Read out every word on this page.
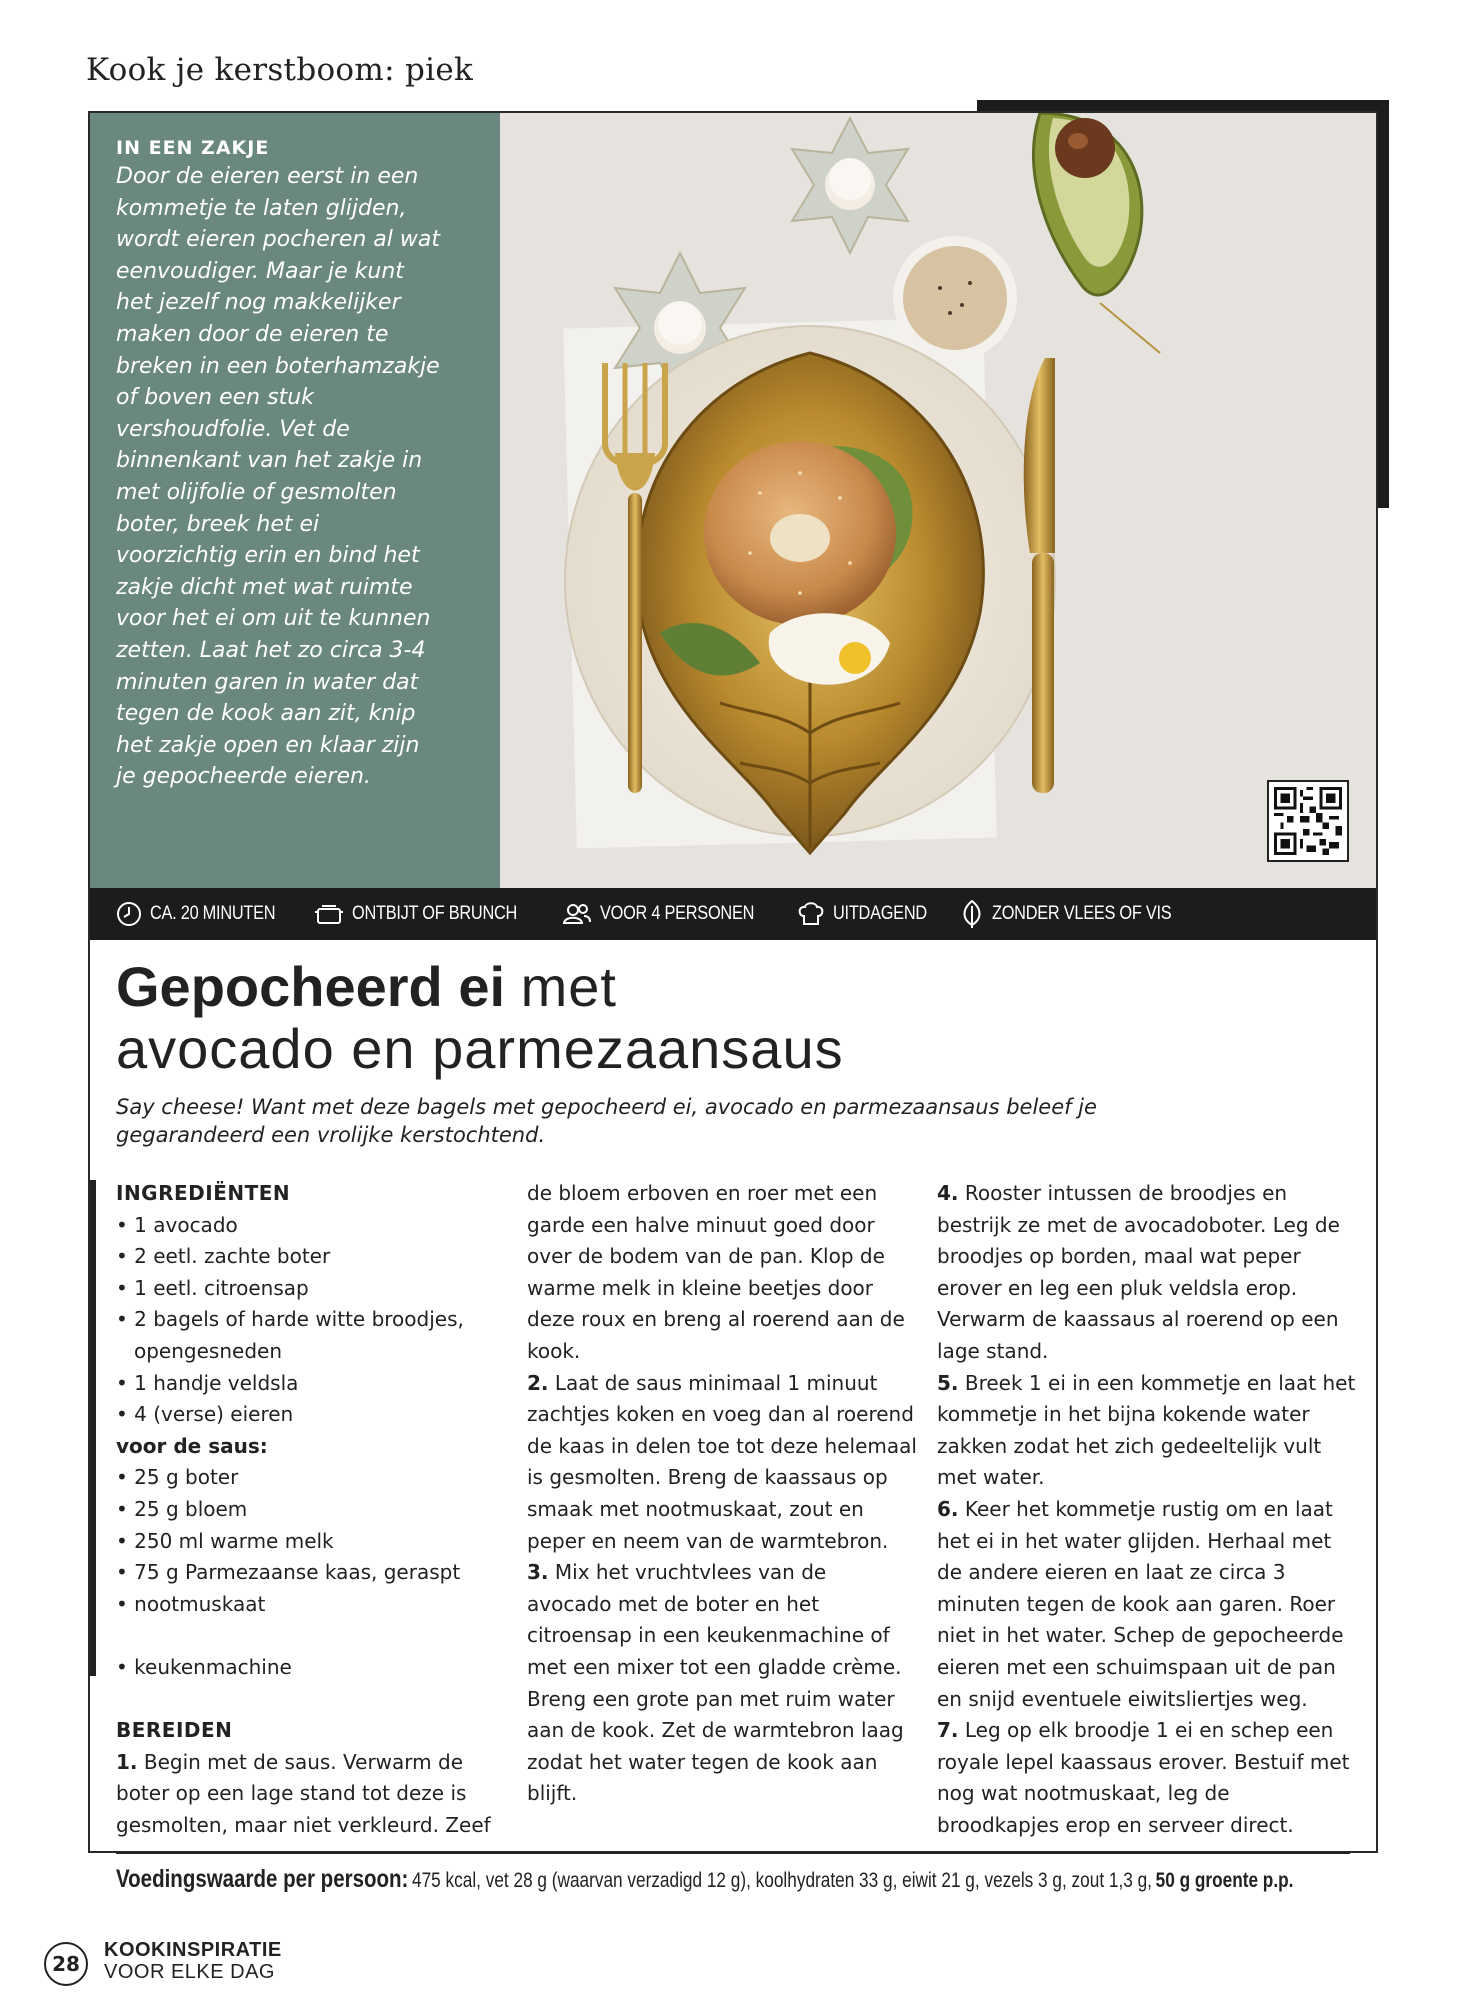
Kook je kerstboom: piek
IN EEN ZAKJE
Door de eieren eerst in een kommetje te laten glijden, wordt eieren pocheren al wat eenvoudiger. Maar je kunt het jezelf nog makkelijker maken door de eieren te breken in een boterhamzakje of boven een stuk vershoudfolie. Vet de binnenkant van het zakje in met olijfolie of gesmolten boter, breek het ei voorzichtig erin en bind het zakje dicht met wat ruimte voor het ei om uit te kunnen zetten. Laat het zo circa 3-4 minuten garen in water dat tegen de kook aan zit, knip het zakje open en klaar zijn je gepocheerde eieren.
CA. 20 MINUTEN	ONTBIJT OF BRUNCH	VOOR 4 PERSONEN	UITDAGEND	ZONDER VLEES OF VIS
Gepocheerd ei met
avocado en parmezaansaus
Say cheese! Want met deze bagels met gepocheerd ei, avocado en parmezaansaus beleef je gegarandeerd een vrolijke kerstochtend.
INGREDIËNTEN
• 1 avocado
• 2 eetl. zachte boter
• 1 eetl. citroensap
• 2 bagels of harde witte broodjes, opengesneden
• 1 handje veldsla
• 4 (verse) eieren
voor de saus:
• 25 g boter
• 25 g bloem
• 250 ml warme melk
• 75 g Parmezaanse kaas, geraspt
• nootmuskaat
• keukenmachine
BEREIDEN
1. Begin met de saus. Verwarm de boter op een lage stand tot deze is gesmolten, maar niet verkleurd. Zeef
de bloem erboven en roer met een garde een halve minuut goed door over de bodem van de pan. Klop de warme melk in kleine beetjes door deze roux en breng al roerend aan de kook.
2. Laat de saus minimaal 1 minuut zachtjes koken en voeg dan al roerend de kaas in delen toe tot deze helemaal is gesmolten. Breng de kaassaus op smaak met nootmuskaat, zout en peper en neem van de warmtebron.
3. Mix het vruchtvlees van de avocado met de boter en het citroensap in een keukenmachine of met een mixer tot een gladde crème. Breng een grote pan met ruim water aan de kook. Zet de warmtebron laag zodat het water tegen de kook aan blijft.
4. Rooster intussen de broodjes en bestrijk ze met de avocadoboter. Leg de broodjes op borden, maal wat peper erover en leg een pluk veldsla erop. Verwarm de kaassaus al roerend op een lage stand.
5. Breek 1 ei in een kommetje en laat het kommetje in het bijna kokende water zakken zodat het zich gedeeltelijk vult met water.
6. Keer het kommetje rustig om en laat het ei in het water glijden. Herhaal met de andere eieren en laat ze circa 3 minuten tegen de kook aan garen. Roer niet in het water. Schep de gepocheerde eieren met een schuimspaan uit de pan en snijd eventuele eiwitsliertjes weg.
7. Leg op elk broodje 1 ei en schep een royale lepel kaassaus erover. Bestuif met nog wat nootmuskaat, leg de broodkapjes erop en serveer direct.
Voedingswaarde per persoon: 475 kcal, vet 28 g (waarvan verzadigd 12 g), koolhydraten 33 g, eiwit 21 g, vezels 3 g, zout 1,3 g, 50 g groente p.p.
28
KOOKINSPIRATIE
VOOR ELKE DAG
